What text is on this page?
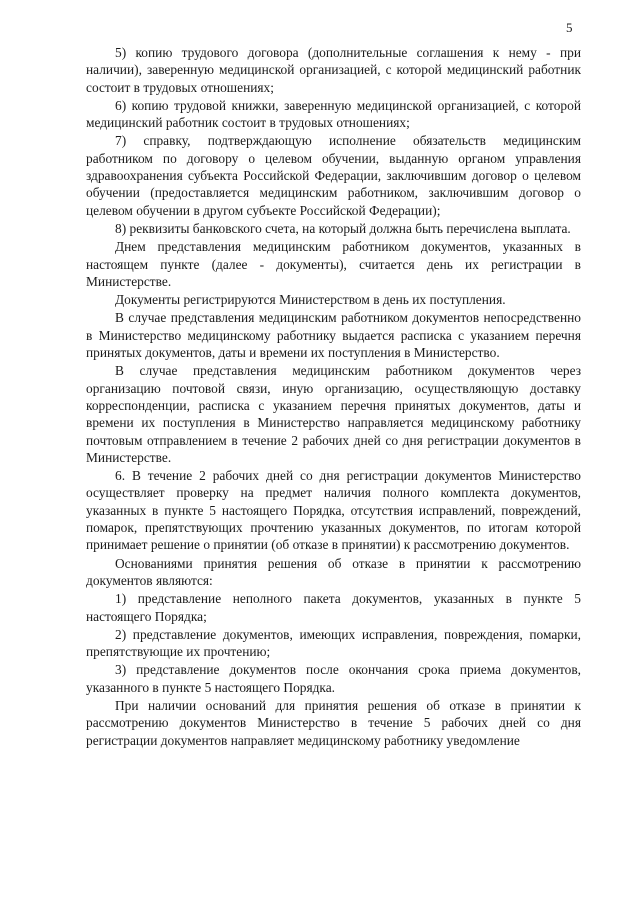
5

5) копию трудового договора (дополнительные соглашения к нему - при наличии), заверенную медицинской организацией, с которой медицинский работник состоит в трудовых отношениях;

6) копию трудовой книжки, заверенную медицинской организацией, с которой медицинский работник состоит в трудовых отношениях;

7) справку, подтверждающую исполнение обязательств медицинским работником по договору о целевом обучении, выданную органом управления здравоохранения субъекта Российской Федерации, заключившим договор о целевом обучении (предоставляется медицинским работником, заключившим договор о целевом обучении в другом субъекте Российской Федерации);

8) реквизиты банковского счета, на который должна быть перечислена выплата.

Днем представления медицинским работником документов, указанных в настоящем пункте (далее - документы), считается день их регистрации в Министерстве.

Документы регистрируются Министерством в день их поступления.

В случае представления медицинским работником документов непосредственно в Министерство медицинскому работнику выдается расписка с указанием перечня принятых документов, даты и времени их поступления в Министерство.

В случае представления медицинским работником документов через организацию почтовой связи, иную организацию, осуществляющую доставку корреспонденции, расписка с указанием перечня принятых документов, даты и времени их поступления в Министерство направляется медицинскому работнику почтовым отправлением в течение 2 рабочих дней со дня регистрации документов в Министерстве.

6. В течение 2 рабочих дней со дня регистрации документов Министерство осуществляет проверку на предмет наличия полного комплекта документов, указанных в пункте 5 настоящего Порядка, отсутствия исправлений, повреждений, помарок, препятствующих прочтению указанных документов, по итогам которой принимает решение о принятии (об отказе в принятии) к рассмотрению документов.

Основаниями принятия решения об отказе в принятии к рассмотрению документов являются:

1) представление неполного пакета документов, указанных в пункте 5 настоящего Порядка;

2) представление документов, имеющих исправления, повреждения, помарки, препятствующие их прочтению;

3) представление документов после окончания срока приема документов, указанного в пункте 5 настоящего Порядка.

При наличии оснований для принятия решения об отказе в принятии к рассмотрению документов Министерство в течение 5 рабочих дней со дня регистрации документов направляет медицинскому работнику уведомление
